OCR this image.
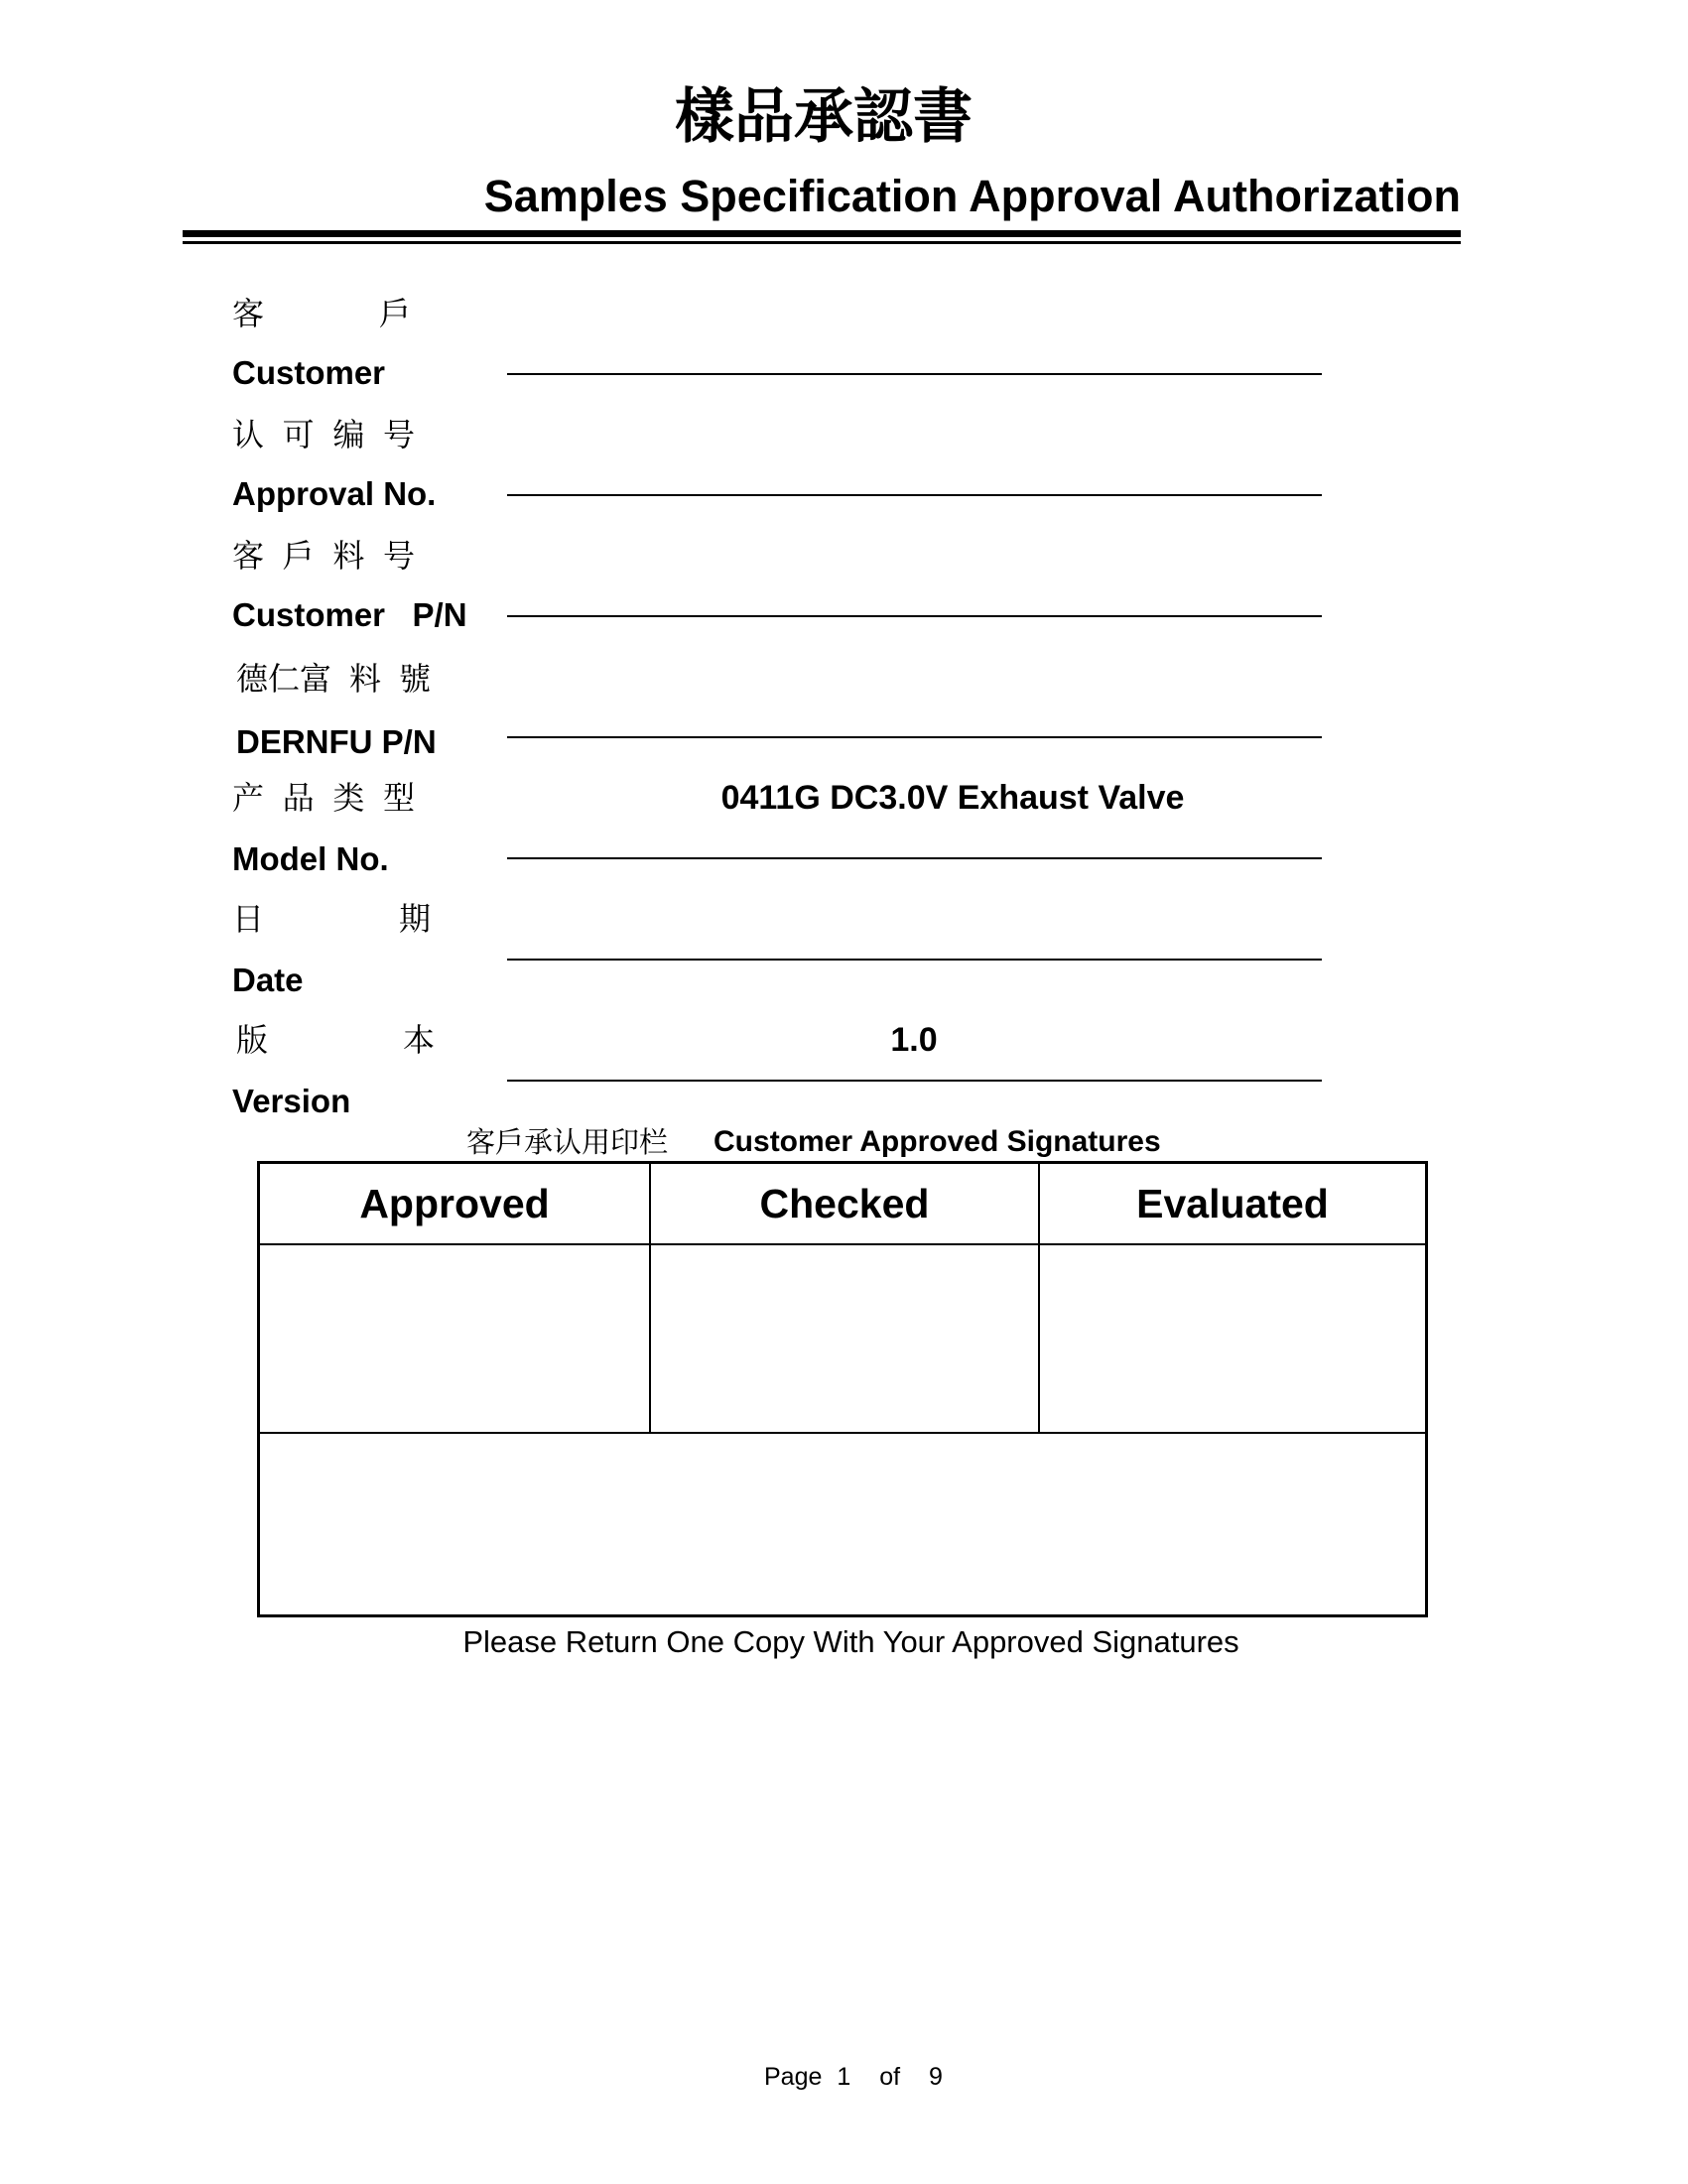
樣品承認書
Samples Specification Approval Authorization
客	戶
Customer
认 可 编 号
Approval No.
客 戶 料 号
Customer   P/N
德仁富 料 號
DERNFU P/N
产 品 类 型
Model No.
0411G DC3.0V Exhaust Valve
日	期
Date
版	本
Version
1.0
客戶承认用印栏 Customer Approved Signatures
Approved	Checked	Evaluated
Please Return One Copy With Your Approved Signatures
Page 1 of 9
